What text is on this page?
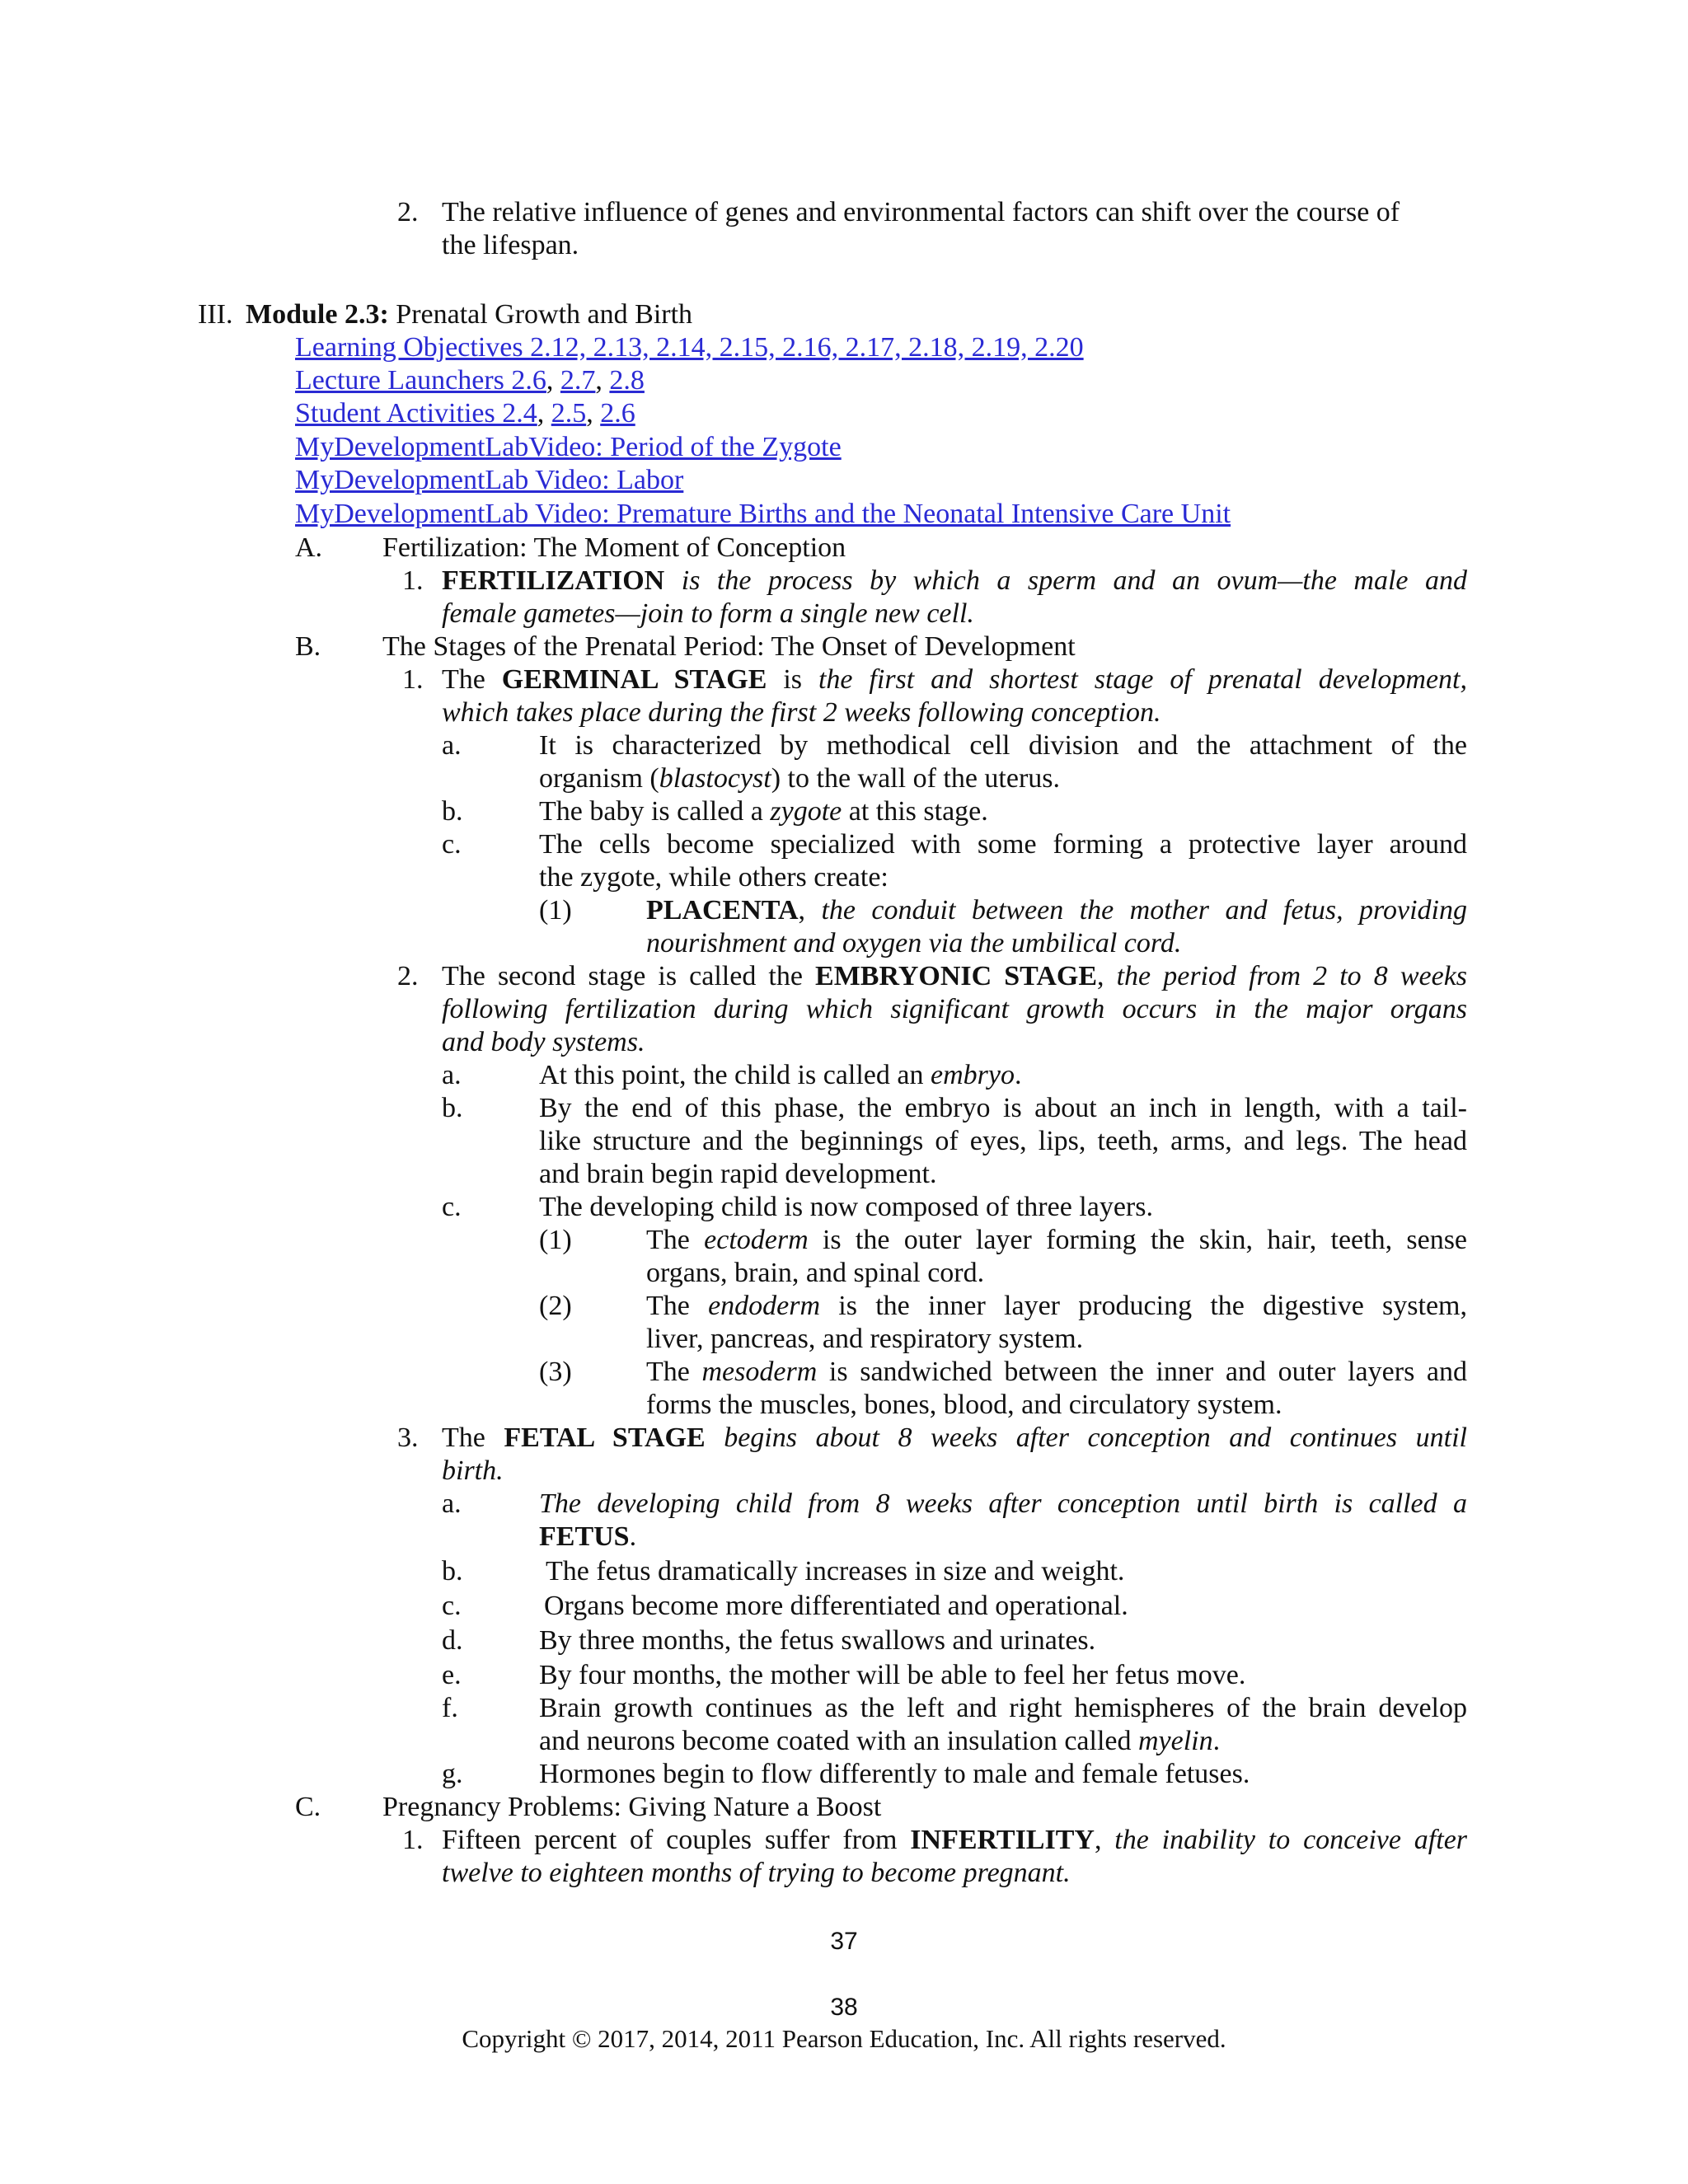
2. The relative influence of genes and environmental factors can shift over the course of
the lifespan.
III. Module 2.3: Prenatal Growth and Birth
Learning Objectives 2.12, 2.13, 2.14, 2.15, 2.16, 2.17, 2.18, 2.19, 2.20
Lecture Launchers 2.6, 2.7, 2.8
Student Activities 2.4, 2.5, 2.6
MyDevelopmentLabVideo: Period of the Zygote
MyDevelopmentLab Video: Labor
MyDevelopmentLab Video: Premature Births and the Neonatal Intensive Care Unit
A. Fertilization: The Moment of Conception
1. FERTILIZATION is the process by which a sperm and an ovum—the male and
female gametes—join to form a single new cell.
B. The Stages of the Prenatal Period: The Onset of Development
1. The GERMINAL STAGE is the first and shortest stage of prenatal development,
which takes place during the first 2 weeks following conception.
a.	It is characterized by methodical cell division and the attachment of the
organism (blastocyst) to the wall of the uterus.
b.	The baby is called a zygote at this stage.
c.	The cells become specialized with some forming a protective layer around
the zygote, while others create:
(1)	PLACENTA, the conduit between the mother and fetus, providing
nourishment and oxygen via the umbilical cord.
2. The second stage is called the EMBRYONIC STAGE, the period from 2 to 8 weeks
following fertilization during which significant growth occurs in the major organs
and body systems.
a.	At this point, the child is called an embryo.
b.	By the end of this phase, the embryo is about an inch in length, with a tail-
like structure and the beginnings of eyes, lips, teeth, arms, and legs. The head
and brain begin rapid development.
c.	The developing child is now composed of three layers.
(1)	The ectoderm is the outer layer forming the skin, hair, teeth, sense
organs, brain, and spinal cord.
(2)	The endoderm is the inner layer producing the digestive system,
liver, pancreas, and respiratory system.
(3)	The mesoderm is sandwiched between the inner and outer layers and
forms the muscles, bones, blood, and circulatory system.
3. The FETAL STAGE begins about 8 weeks after conception and continues until
birth.
a.	The developing child from 8 weeks after conception until birth is called a
FETUS.
b.	The fetus dramatically increases in size and weight.
c.	Organs become more differentiated and operational.
d.	By three months, the fetus swallows and urinates.
e.	By four months, the mother will be able to feel her fetus move.
f.	Brain growth continues as the left and right hemispheres of the brain develop
and neurons become coated with an insulation called myelin.
g.	Hormones begin to flow differently to male and female fetuses.
C. Pregnancy Problems: Giving Nature a Boost
1. Fifteen percent of couples suffer from INFERTILITY, the inability to conceive after
twelve to eighteen months of trying to become pregnant.
37
38
Copyright © 2017, 2014, 2011 Pearson Education, Inc. All rights reserved.
